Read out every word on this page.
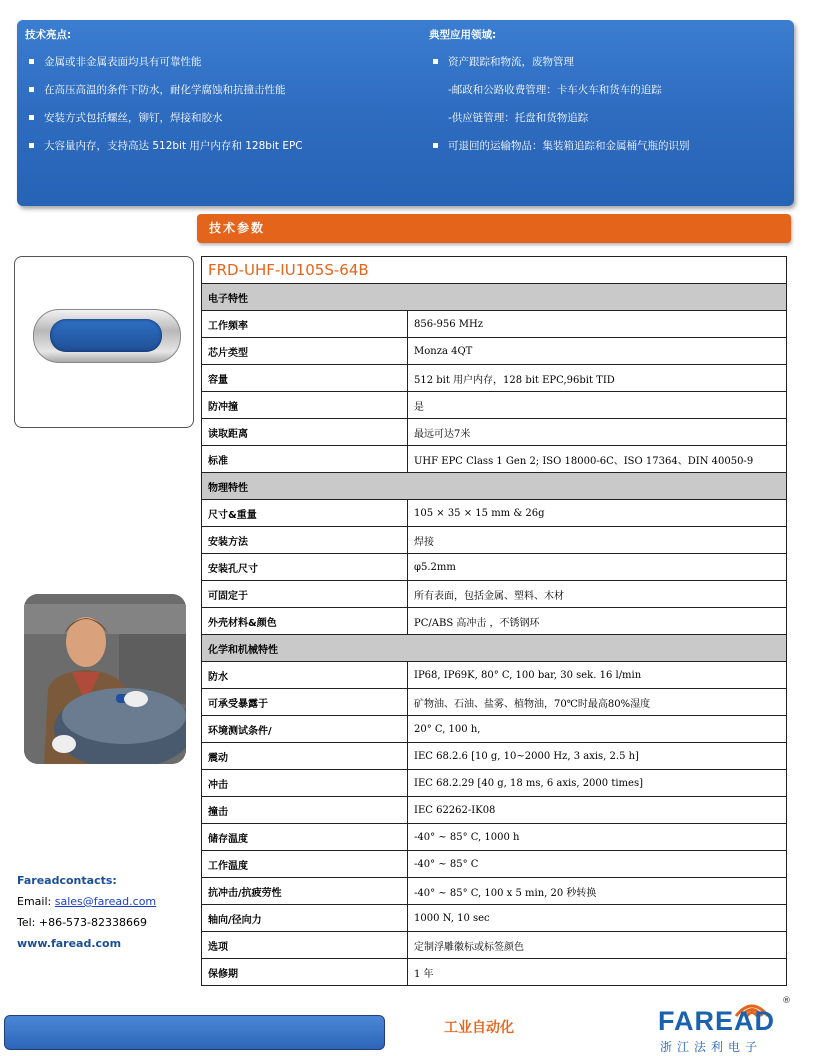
技术亮点:
金属或非金属表面均具有可靠性能
在高压高温的条件下防水，耐化学腐蚀和抗撞击性能
安装方式包括螺丝，铆钉，焊接和胶水
大容量内存，支持高达 512bit 用户内存和 128bit EPC
典型应用领域:
资产跟踪和物流，废物管理
-邮政和公路收费管理：卡车火车和货车的追踪
-供应链管理：托盘和货物追踪
可退回的运输物品：集装箱追踪和金属桶气瓶的识别
技术参数
FRD-UHF-IU105S-64B	
电子特性	
工作频率	856-956 MHz
芯片类型	Monza 4QT
容量	512 bit 用户内存，128 bit EPC,96bit TID
防冲撞	是
读取距离	最远可达7米
标准	UHF EPC Class 1 Gen 2; ISO 18000-6C、ISO 17364、DIN 40050-9
物理特性	
尺寸&重量	105 × 35 × 15 mm & 26g
安装方法	焊接
安装孔尺寸	φ5.2mm
可固定于	所有表面，包括金属、塑料、木材
外壳材料&颜色	PC/ABS 高冲击 ，不锈钢环
化学和机械特性	
防水	IP68, IP69K, 80° C, 100 bar, 30 sek. 16 l/min
可承受暴露于	矿物油、石油、盐雾、植物油，70℃时最高80%湿度
环境测试条件/	20° C, 100 h,
震动	IEC 68.2.6 [10 g, 10~2000 Hz, 3 axis, 2.5 h]
冲击	IEC 68.2.29 [40 g, 18 ms, 6 axis, 2000 times]
撞击	IEC 62262-IK08
储存温度	-40° ~ 85° C, 1000 h
工作温度	-40° ~ 85° C
抗冲击/抗疲劳性	-40° ~ 85° C, 100 x 5 min, 20 秒转换
轴向/径向力	1000 N, 10 sec
选项	定制浮雕徽标或标签颜色
保修期	1 年
Fareadcontacts:
Email: sales@faread.com
Tel: +86-573-82338669
www.faread.com
工业自动化	FAREAD
浙江法利电子
®
